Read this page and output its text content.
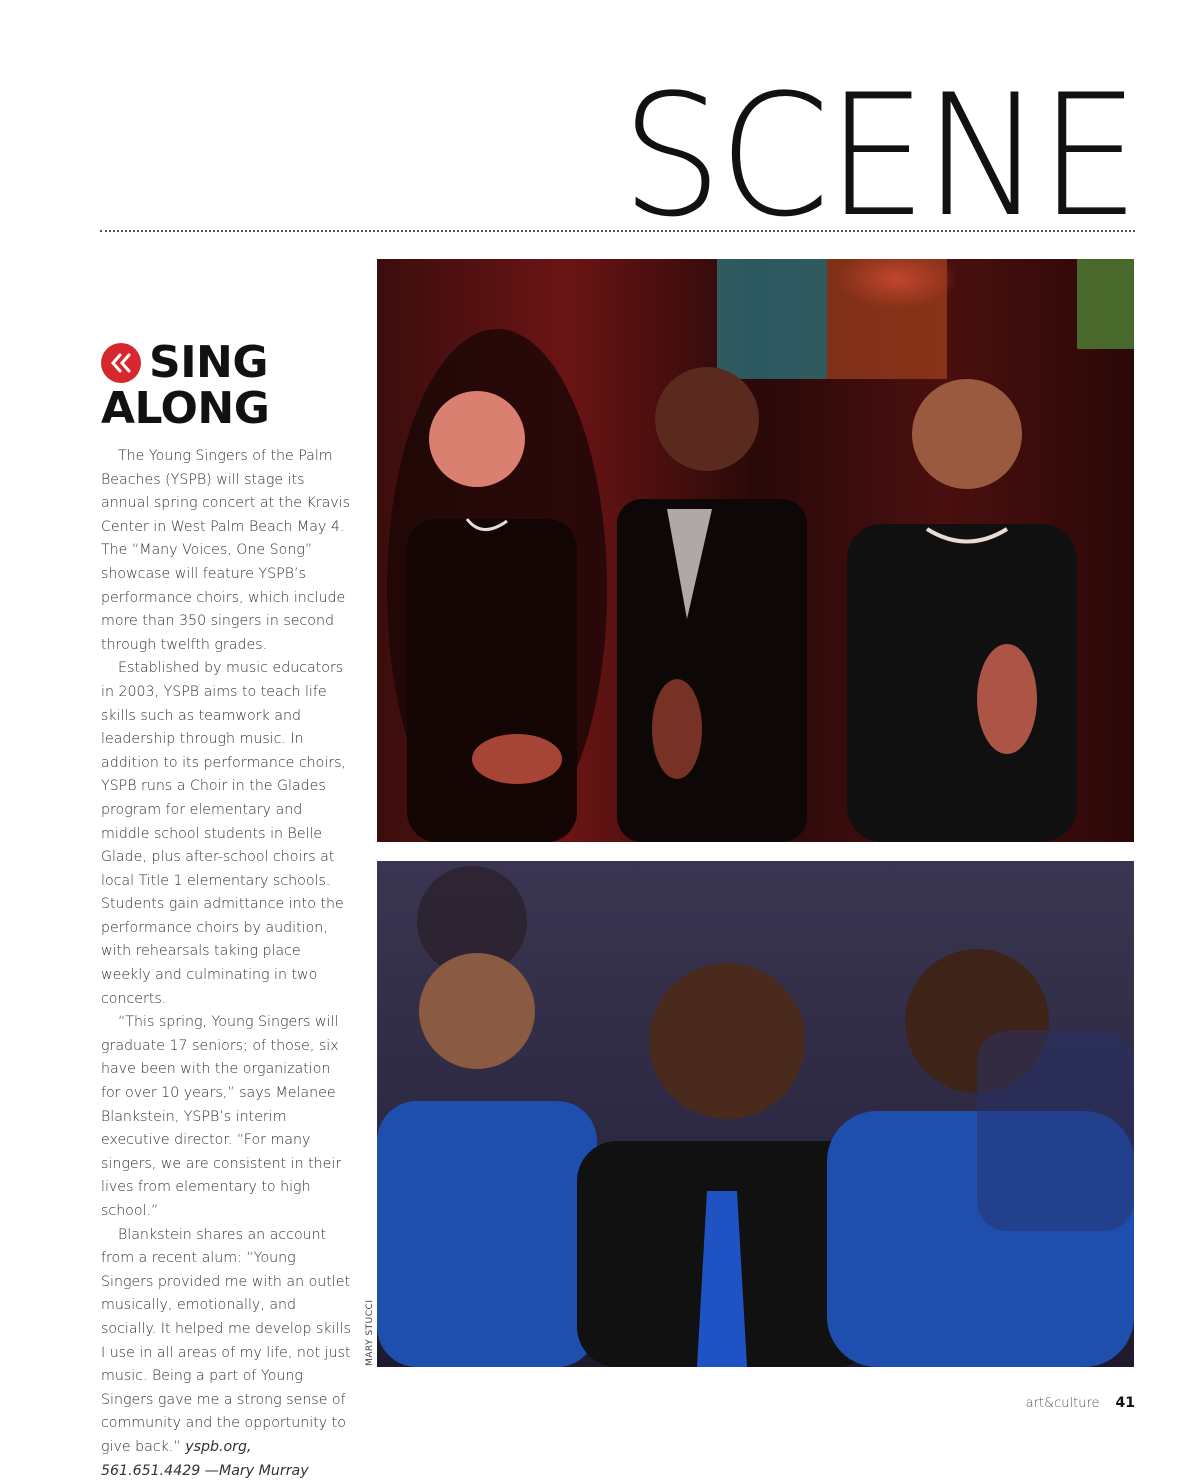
SCENE
SING
ALONG

The Young Singers of the Palm Beaches (YSPB) will stage its annual spring concert at the Kravis Center in West Palm Beach May 4. The “Many Voices, One Song” showcase will feature YSPB’s performance choirs, which include more than 350 singers in second through twelfth grades.

Established by music educators in 2003, YSPB aims to teach life skills such as teamwork and leadership through music. In addition to its performance choirs, YSPB runs a Choir in the Glades program for elementary and middle school students in Belle Glade, plus after-school choirs at local Title 1 elementary schools. Students gain admittance into the performance choirs by audition, with rehearsals taking place weekly and culminating in two concerts.

“This spring, Young Singers will graduate 17 seniors; of those, six have been with the organization for over 10 years,” says Melanee Blankstein, YSPB’s interim executive director. “For many singers, we are consistent in their lives from elementary to high school.”

Blankstein shares an account from a recent alum: “Young Singers provided me with an outlet musically, emotionally, and socially. It helped me develop skills I use in all areas of my life, not just music. Being a part of Young Singers gave me a strong sense of community and the opportunity to give back.” yspb.org, 561.651.4429 —Mary Murray

MARY STUCCI
art&culture 41
